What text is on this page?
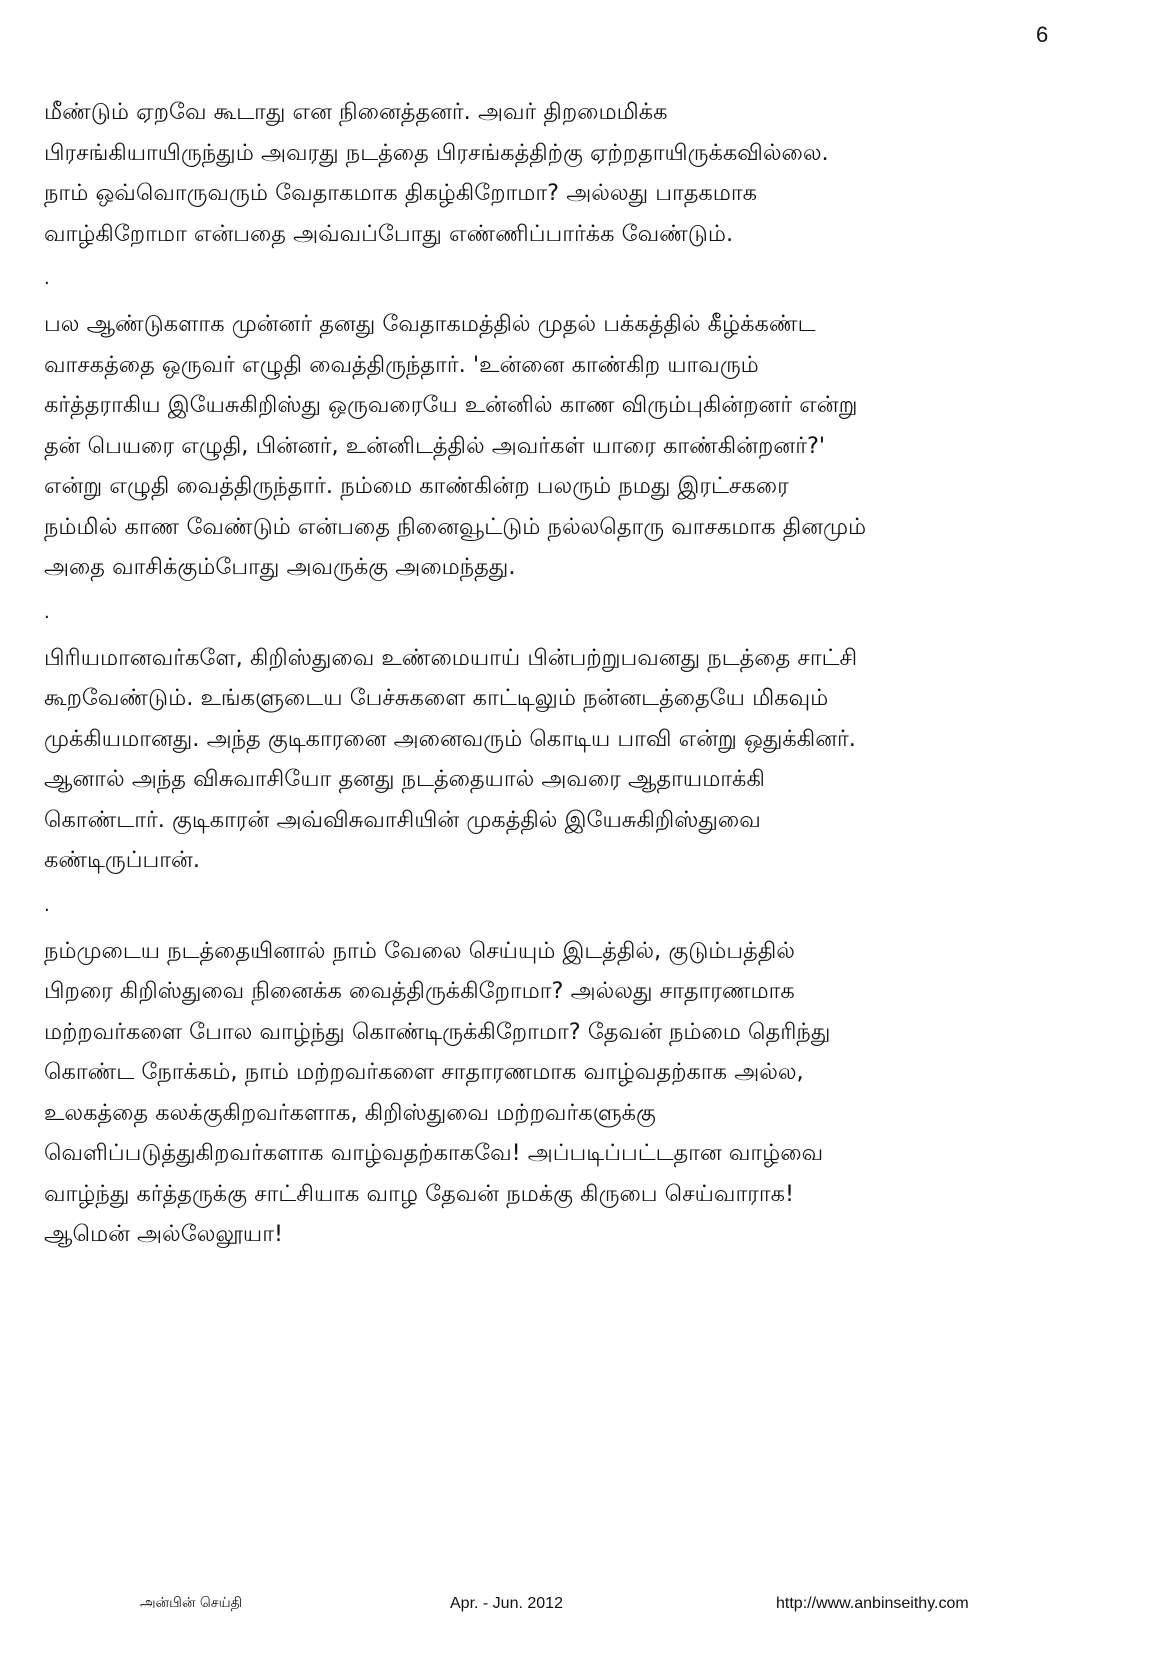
6
மீண்டும் ஏறவே கூடாது என நினைத்தனர். அவர் திறமைமிக்க
பிரசங்கியாயிருந்தும் அவரது நடத்தை பிரசங்கத்திற்கு ஏற்றதாயிருக்கவில்லை.
நாம் ஒவ்வொருவரும் வேதாகமாக திகழ்கிறோமா? அல்லது பாதகமாக
வாழ்கிறோமா என்பதை அவ்வப்போது எண்ணிப்பார்க்க வேண்டும்.
.
பல ஆண்டுகளாக முன்னர் தனது வேதாகமத்தில் முதல் பக்கத்தில் கீழ்க்கண்ட
வாசகத்தை ஒருவர் எழுதி வைத்திருந்தார். 'உன்னை காண்கிற யாவரும்
கர்த்தராகிய இயேசுகிறிஸ்து ஒருவரையே உன்னில் காண விரும்புகின்றனர் என்று
தன் பெயரை எழுதி, பின்னர், உன்னிடத்தில் அவர்கள் யாரை காண்கின்றனர்?'
என்று எழுதி வைத்திருந்தார். நம்மை காண்கின்ற பலரும் நமது இரட்சகரை
நம்மில் காண வேண்டும் என்பதை நினைவூட்டும் நல்லதொரு வாசகமாக தினமும்
அதை வாசிக்கும்போது அவருக்கு அமைந்தது.
.
பிரியமானவர்களே, கிறிஸ்துவை உண்மையாய் பின்பற்றுபவனது நடத்தை சாட்சி
கூறவேண்டும். உங்களுடைய பேச்சுகளை காட்டிலும் நன்னடத்தையே மிகவும்
முக்கியமானது. அந்த குடிகாரனை அனைவரும் கொடிய பாவி என்று ஒதுக்கினர்.
ஆனால் அந்த விசுவாசியோ தனது நடத்தையால் அவரை ஆதாயமாக்கி
கொண்டார். குடிகாரன் அவ்விசுவாசியின் முகத்தில் இயேசுகிறிஸ்துவை
கண்டிருப்பான்.
.
நம்முடைய நடத்தையினால் நாம் வேலை செய்யும் இடத்தில், குடும்பத்தில்
பிறரை கிறிஸ்துவை நினைக்க வைத்திருக்கிறோமா? அல்லது சாதாரணமாக
மற்றவர்களை போல வாழ்ந்து கொண்டிருக்கிறோமா? தேவன் நம்மை தெரிந்து
கொண்ட நோக்கம், நாம் மற்றவர்களை சாதாரணமாக வாழ்வதற்காக அல்ல,
உலகத்தை கலக்குகிறவர்களாக, கிறிஸ்துவை மற்றவர்களுக்கு
வெளிப்படுத்துகிறவர்களாக வாழ்வதற்காகவே! அப்படிப்பட்டதான வாழ்வை
வாழ்ந்து கர்த்தருக்கு சாட்சியாக வாழ தேவன் நமக்கு கிருபை செய்வாராக!
ஆமென் அல்லேலூயா!
அன்பின் செய்தி	Apr. - Jun. 2012	http://www.anbinseithy.com
